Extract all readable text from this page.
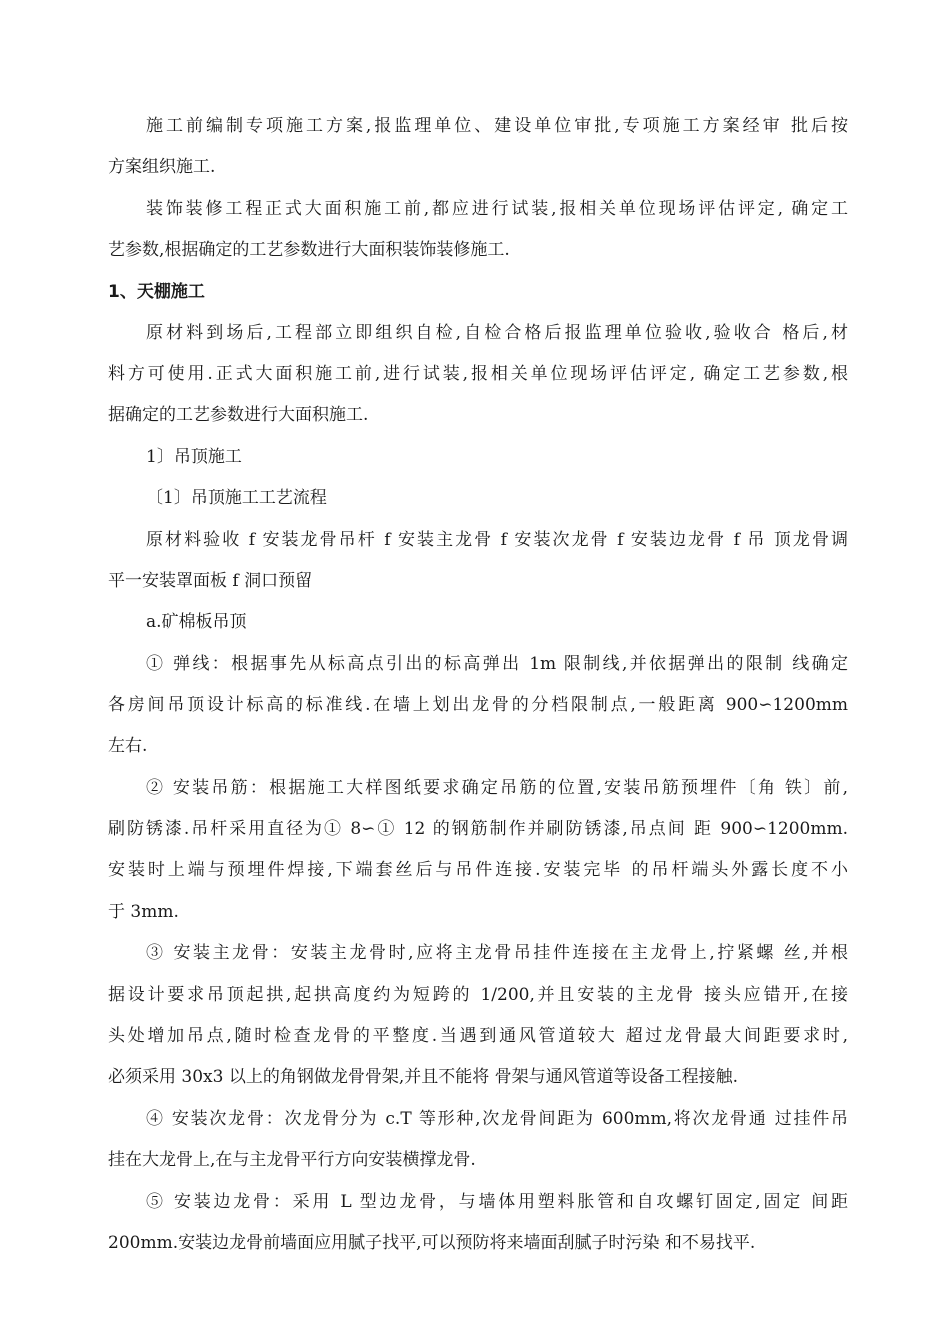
施工前编制专项施工方案,报监理单位、建设单位审批,专项施工方案经审 批后按
方案组织施工.
装饰装修工程正式大面积施工前,都应进行试装,报相关单位现场评估评定, 确定工
艺参数,根据确定的工艺参数进行大面积装饰装修施工.
1、天棚施工
原材料到场后,工程部立即组织自检,自检合格后报监理单位验收,验收合 格后,材
料方可使用.正式大面积施工前,进行试装,报相关单位现场评估评定, 确定工艺参数,根
据确定的工艺参数进行大面积施工.
1〕吊顶施工
〔1〕吊顶施工工艺流程
原材料验收 f 安装龙骨吊杆 f 安装主龙骨 f 安装次龙骨 f 安装边龙骨 f 吊 顶龙骨调
平一安装罩面板 f 洞口预留
a.矿棉板吊顶
① 弹线：根据事先从标高点引出的标高弹出 1m 限制线,并依据弹出的限制 线确定
各房间吊顶设计标高的标准线.在墙上划出龙骨的分档限制点,一般距离 900∽1200mm
左右.
② 安装吊筋：根据施工大样图纸要求确定吊筋的位置,安装吊筋预埋件〔角 铁〕前,
刷防锈漆.吊杆采用直径为① 8∽① 12 的钢筋制作并刷防锈漆,吊点间 距 900∽1200mm.
安装时上端与预埋件焊接,下端套丝后与吊件连接.安装完毕 的吊杆端头外露长度不小
于 3mm.
③ 安装主龙骨：安装主龙骨时,应将主龙骨吊挂件连接在主龙骨上,拧紧螺 丝,并根
据设计要求吊顶起拱,起拱高度约为短跨的 1/200,并且安装的主龙骨 接头应错开,在接
头处增加吊点,随时检查龙骨的平整度.当遇到通风管道较大 超过龙骨最大间距要求时,
必须采用 30x3 以上的角钢做龙骨骨架,并且不能将 骨架与通风管道等设备工程接触.
④ 安装次龙骨：次龙骨分为 c.T 等形种,次龙骨间距为 600mm,将次龙骨通 过挂件吊
挂在大龙骨上,在与主龙骨平行方向安装横撑龙骨.
⑤ 安装边龙骨：采用 L 型边龙骨，与墙体用塑料胀管和自攻螺钉固定,固定 间距
200mm.安装边龙骨前墙面应用腻子找平,可以预防将来墙面刮腻子时污染 和不易找平.
